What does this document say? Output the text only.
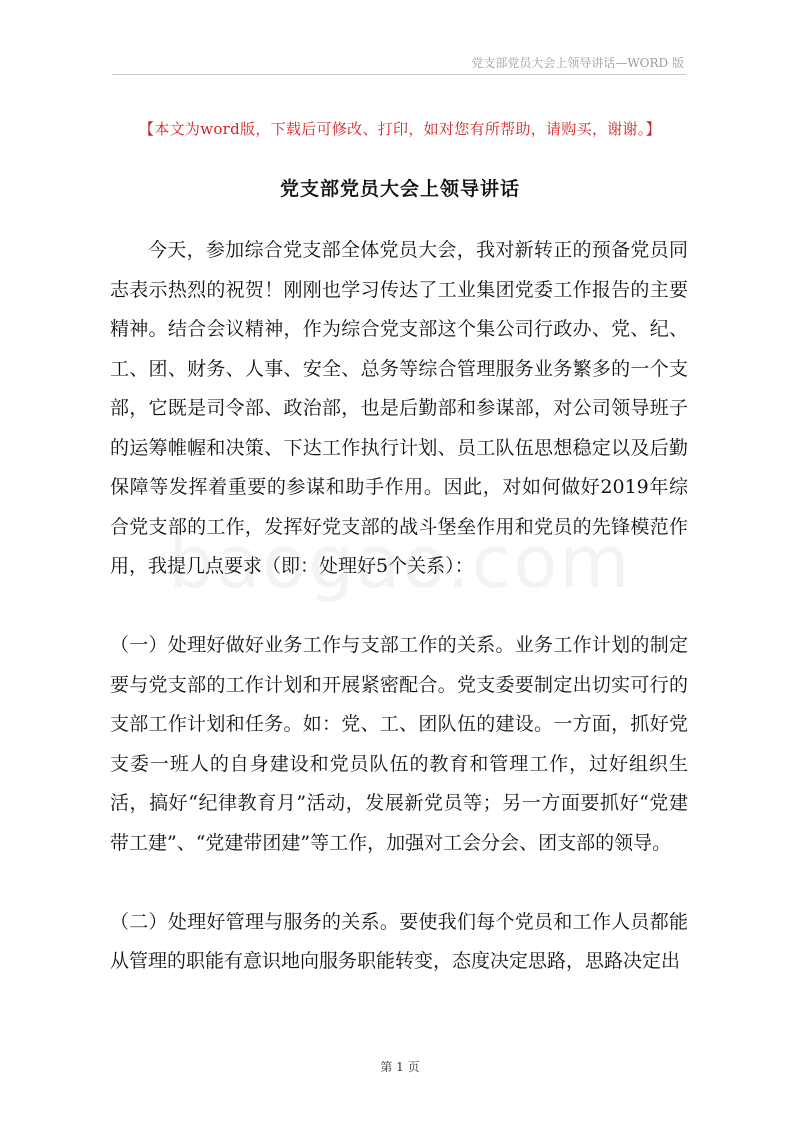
党支部党员大会上领导讲话—WORD 版
【本文为word版，下载后可修改、打印，如对您有所帮助，请购买，谢谢。】
党支部党员大会上领导讲话

今天，参加综合党支部全体党员大会，我对新转正的预备党员同志表示热烈的祝贺！刚刚也学习传达了工业集团党委工作报告的主要精神。结合会议精神，作为综合党支部这个集公司行政办、党、纪、工、团、财务、人事、安全、总务等综合管理服务业务繁多的一个支部，它既是司令部、政治部，也是后勤部和参谋部，对公司领导班子的运筹帷幄和决策、下达工作执行计划、员工队伍思想稳定以及后勤保障等发挥着重要的参谋和助手作用。因此，对如何做好2019年综合党支部的工作，发挥好党支部的战斗堡垒作用和党员的先锋模范作用，我提几点要求（即：处理好5个关系）：

（一）处理好做好业务工作与支部工作的关系。业务工作计划的制定要与党支部的工作计划和开展紧密配合。党支委要制定出切实可行的支部工作计划和任务。如：党、工、团队伍的建设。一方面，抓好党支委一班人的自身建设和党员队伍的教育和管理工作，过好组织生活，搞好“纪律教育月”活动，发展新党员等；另一方面要抓好“党建带工建”、“党建带团建”等工作，加强对工会分会、团支部的领导。

（二）处理好管理与服务的关系。要使我们每个党员和工作人员都能从管理的职能有意识地向服务职能转变，态度决定思路，思路决定出

第 1 页
